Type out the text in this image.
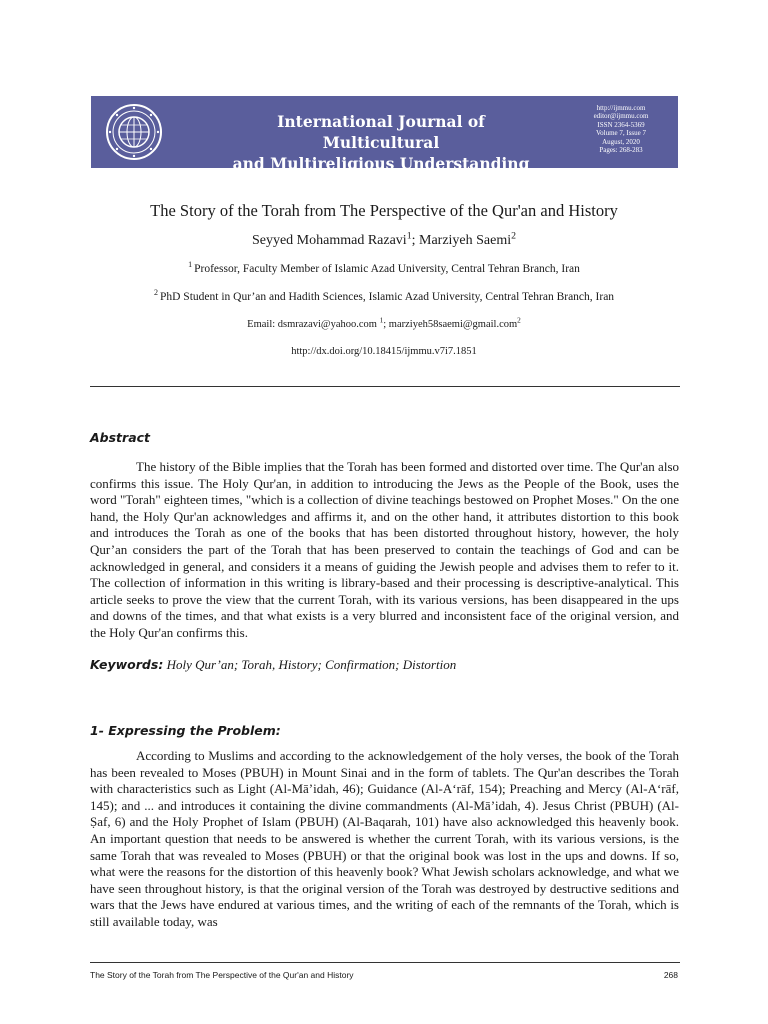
International Journal of Multicultural
and Multireligious Understanding
http://ijmmu.com
editor@ijmmu.com
ISSN 2364-5369
Volume 7, Issue 7
August, 2020
Pages: 268-283
The Story of the Torah from The Perspective of the Qur'an and History
Seyyed Mohammad Razavi$^1$; Marziyeh Saemi$^2$
$^1$ Professor, Faculty Member of Islamic Azad University, Central Tehran Branch, Iran
$^2$ PhD Student in Qur’an and Hadith Sciences, Islamic Azad University, Central Tehran Branch, Iran
Email: dsmrazavi@yahoo.com $^1$; marziyeh58saemi@gmail.com$^2$
http://dx.doi.org/10.18415/ijmmu.v7i7.1851
Abstract

The history of the Bible implies that the Torah has been formed and distorted over time. The Qur'an also confirms this issue. The Holy Qur'an, in addition to introducing the Jews as the People of the Book, uses the word "Torah" eighteen times, "which is a collection of divine teachings bestowed on Prophet Moses." On the one hand, the Holy Qur'an acknowledges and affirms it, and on the other hand, it attributes distortion to this book and introduces the Torah as one of the books that has been distorted throughout history, however, the holy Qur’an considers the part of the Torah that has been preserved to contain the teachings of God and can be acknowledged in general, and considers it a means of guiding the Jewish people and advises them to refer to it. The collection of information in this writing is library-based and their processing is descriptive-analytical. This article seeks to prove the view that the current Torah, with its various versions, has been disappeared in the ups and downs of the times, and that what exists is a very blurred and inconsistent face of the original version, and the Holy Qur'an confirms this.

Keywords: Holy Qur’an; Torah, History; Confirmation; Distortion
1- Expressing the Problem:

According to Muslims and according to the acknowledgement of the holy verses, the book of the Torah has been revealed to Moses (PBUH) in Mount Sinai and in the form of tablets. The Qur'an describes the Torah with characteristics such as Light (Al-Mā’idah, 46); Guidance (Al-A‘rāf, 154); Preaching and Mercy (Al-A‘rāf, 145); and ... and introduces it containing the divine commandments (Al-Mā’idah, 4). Jesus Christ (PBUH) (Al-Ṣaf, 6) and the Holy Prophet of Islam (PBUH) (Al-Baqarah, 101) have also acknowledged this heavenly book. An important question that needs to be answered is whether the current Torah, with its various versions, is the same Torah that was revealed to Moses (PBUH) or that the original book was lost in the ups and downs. If so, what were the reasons for the distortion of this heavenly book? What Jewish scholars acknowledge, and what we have seen throughout history, is that the original version of the Torah was destroyed by destructive seditions and wars that the Jews have endured at various times, and the writing of each of the remnants of the Torah, which is still available today, was

The Story of the Torah from The Perspective of the Qur'an and History	268
